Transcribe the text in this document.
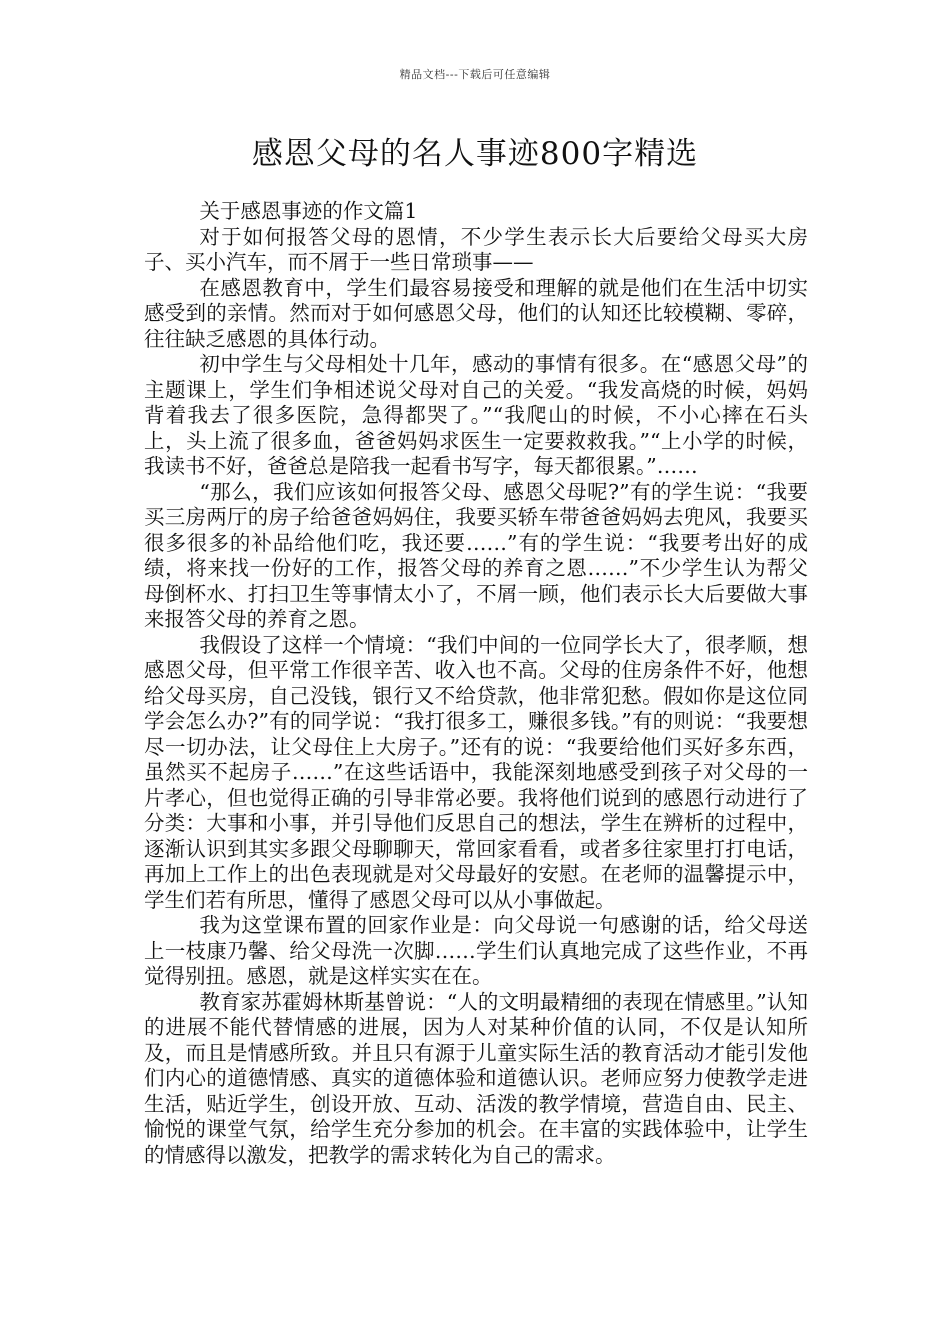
精品文档---下载后可任意编辑
感恩父母的名人事迹800字精选

关于感恩事迹的作文篇1

对于如何报答父母的恩情，不少学生表示长大后要给父母买大房子、买小汽车，而不屑于一些日常琐事——

在感恩教育中，学生们最容易接受和理解的就是他们在生活中切实感受到的亲情。然而对于如何感恩父母，他们的认知还比较模糊、零碎，往往缺乏感恩的具体行动。

初中学生与父母相处十几年，感动的事情有很多。在“感恩父母”的主题课上，学生们争相述说父母对自己的关爱。“我发高烧的时候，妈妈背着我去了很多医院，急得都哭了。”“我爬山的时候，不小心摔在石头上，头上流了很多血，爸爸妈妈求医生一定要救救我。”“上小学的时候，我读书不好，爸爸总是陪我一起看书写字，每天都很累。”……

“那么，我们应该如何报答父母、感恩父母呢?”有的学生说：“我要买三房两厅的房子给爸爸妈妈住，我要买轿车带爸爸妈妈去兜风，我要买很多很多的补品给他们吃，我还要……”有的学生说：“我要考出好的成绩，将来找一份好的工作，报答父母的养育之恩……”不少学生认为帮父母倒杯水、打扫卫生等事情太小了，不屑一顾，他们表示长大后要做大事来报答父母的养育之恩。

我假设了这样一个情境：“我们中间的一位同学长大了，很孝顺，想感恩父母，但平常工作很辛苦、收入也不高。父母的住房条件不好，他想给父母买房，自己没钱，银行又不给贷款，他非常犯愁。假如你是这位同学会怎么办?”有的同学说：“我打很多工，赚很多钱。”有的则说：“我要想尽一切办法，让父母住上大房子。”还有的说：“我要给他们买好多东西，虽然买不起房子……”在这些话语中，我能深刻地感受到孩子对父母的一片孝心，但也觉得正确的引导非常必要。我将他们说到的感恩行动进行了分类：大事和小事，并引导他们反思自己的想法，学生在辨析的过程中，逐渐认识到其实多跟父母聊聊天，常回家看看，或者多往家里打打电话，再加上工作上的出色表现就是对父母最好的安慰。在老师的温馨提示中，学生们若有所思，懂得了感恩父母可以从小事做起。

我为这堂课布置的回家作业是：向父母说一句感谢的话，给父母送上一枝康乃馨、给父母洗一次脚……学生们认真地完成了这些作业，不再觉得别扭。感恩，就是这样实实在在。

教育家苏霍姆林斯基曾说：“人的文明最精细的表现在情感里。”认知的进展不能代替情感的进展，因为人对某种价值的认同，不仅是认知所及，而且是情感所致。并且只有源于儿童实际生活的教育活动才能引发他们内心的道德情感、真实的道德体验和道德认识。老师应努力使教学走进生活，贴近学生，创设开放、互动、活泼的教学情境，营造自由、民主、愉悦的课堂气氛，给学生充分参加的机会。在丰富的实践体验中，让学生的情感得以激发，把教学的需求转化为自己的需求。
